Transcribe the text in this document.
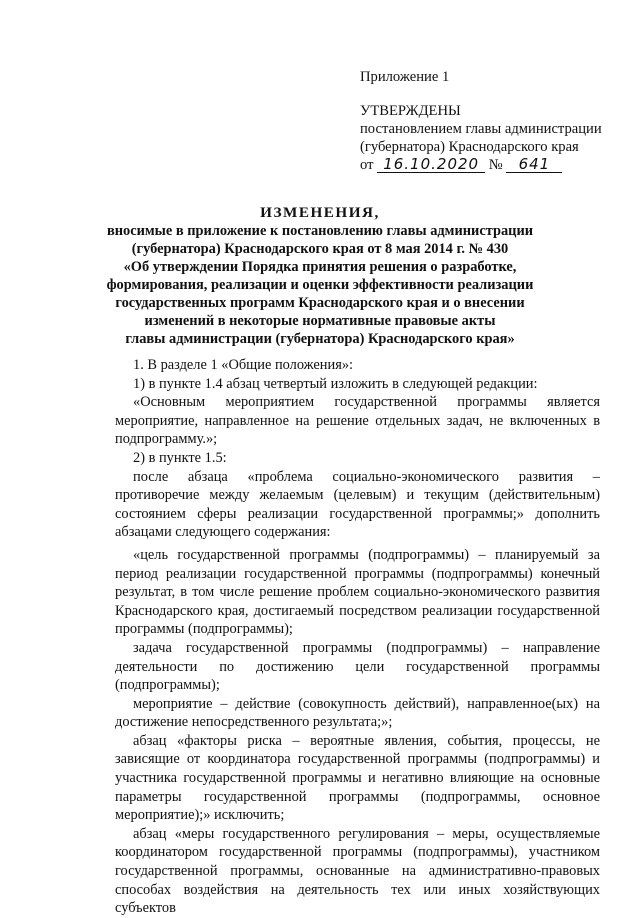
Приложение 1
УТВЕРЖДЕНЫ
постановлением главы администрации
(губернатора) Краснодарского края
от 16.10.2020 № 641
ИЗМЕНЕНИЯ,
вносимые в приложение к постановлению главы администрации
(губернатора) Краснодарского края от 8 мая 2014 г. № 430
«Об утверждении Порядка принятия решения о разработке,
формирования, реализации и оценки эффективности реализации
государственных программ Краснодарского края и о внесении
изменений в некоторые нормативные правовые акты
главы администрации (губернатора) Краснодарского края»

1. В разделе 1 «Общие положения»:

1) в пункте 1.4 абзац четвертый изложить в следующей редакции:

«Основным мероприятием государственной программы является мероприятие, направленное на решение отдельных задач, не включенных в подпрограмму.»;

2) в пункте 1.5:

после абзаца «проблема социально-экономического развития – противоречие между желаемым (целевым) и текущим (действительным) состоянием сферы реализации государственной программы;» дополнить абзацами следующего содержания:

«цель государственной программы (подпрограммы) – планируемый за период реализации государственной программы (подпрограммы) конечный результат, в том числе решение проблем социально-экономического развития Краснодарского края, достигаемый посредством реализации государственной программы (подпрограммы);

задача государственной программы (подпрограммы) – направление деятельности по достижению цели государственной программы (подпрограммы);

мероприятие – действие (совокупность действий), направленное(ых) на достижение непосредственного результата;»;

абзац «факторы риска – вероятные явления, события, процессы, не зависящие от координатора государственной программы (подпрограммы) и участника государственной программы и негативно влияющие на основные параметры государственной программы (подпрограммы, основное мероприятие);» исключить;

абзац «меры государственного регулирования – меры, осуществляемые координатором государственной программы (подпрограммы), участником государственной программы, основанные на административно-правовых способах воздействия на деятельность тех или иных хозяйствующих субъектов
